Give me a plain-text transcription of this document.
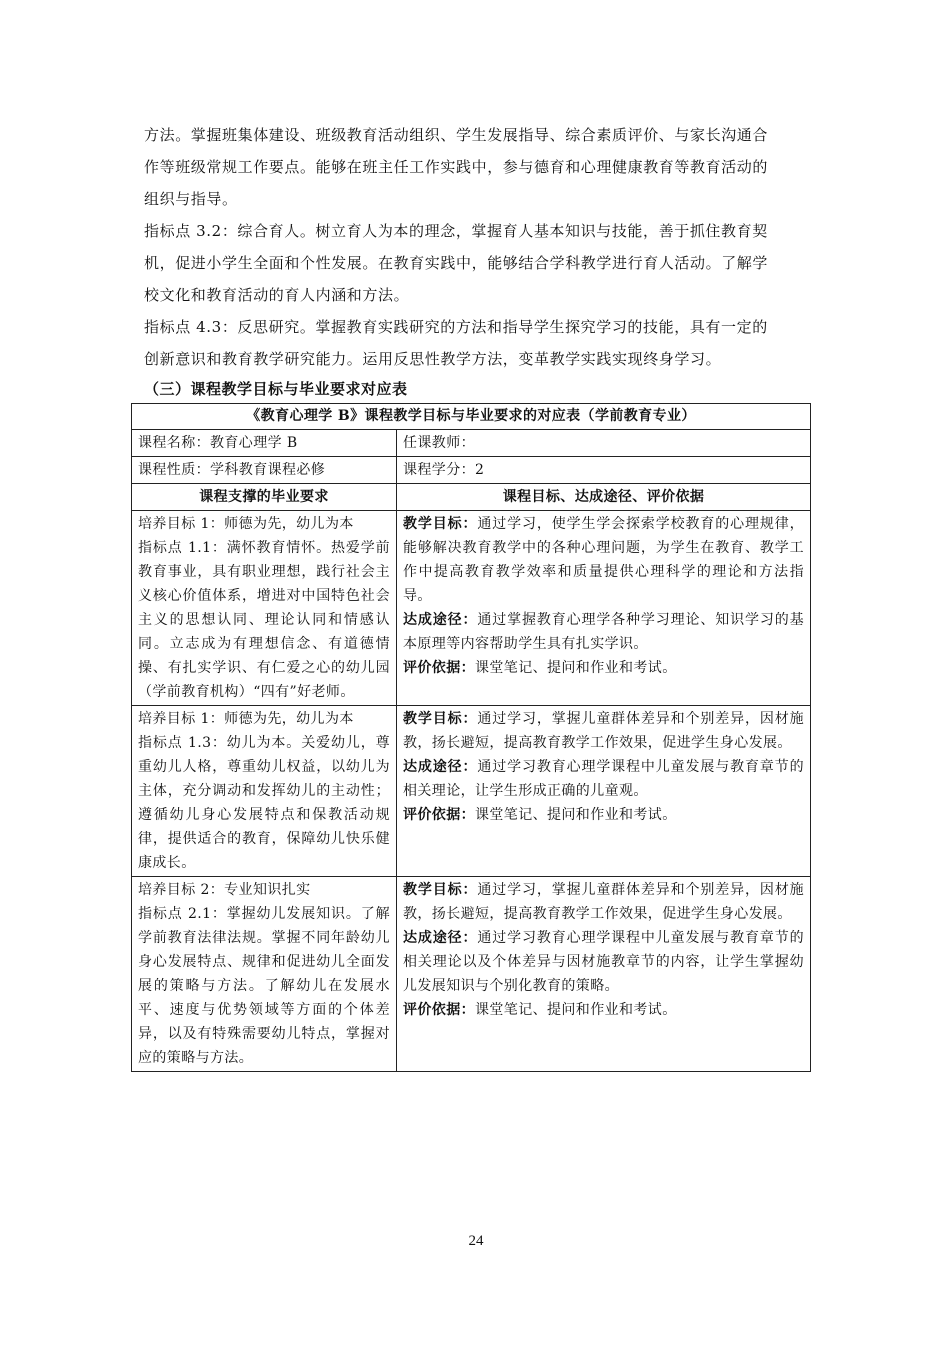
方法。掌握班集体建设、班级教育活动组织、学生发展指导、综合素质评价、与家长沟通合
作等班级常规工作要点。能够在班主任工作实践中，参与德育和心理健康教育等教育活动的
组织与指导。
指标点 3.2：综合育人。树立育人为本的理念，掌握育人基本知识与技能，善于抓住教育契
机，促进小学生全面和个性发展。在教育实践中，能够结合学科教学进行育人活动。了解学
校文化和教育活动的育人内涵和方法。
指标点 4.3：反思研究。掌握教育实践研究的方法和指导学生探究学习的技能，具有一定的
创新意识和教育教学研究能力。运用反思性教学方法，变革教学实践实现终身学习。
（三）课程教学目标与毕业要求对应表
《教育心理学 B》课程教学目标与毕业要求的对应表（学前教育专业）	
课程名称：教育心理学 B	任课教师：
课程性质：学科教育课程必修	课程学分：2
课程支撑的毕业要求	课程目标、达成途径、评价依据

培养目标 1：师德为先，幼儿为本
指标点 1.1：满怀教育情怀。热爱学前教育事业，具有职业理想，践行社会主义核心价值体系，增进对中国特色社会主义的思想认同、理论认同和情感认同。立志成为有理想信念、有道德情操、有扎实学识、有仁爱之心的幼儿园（学前教育机构）“四有”好老师。	教学目标：通过学习，使学生学会探索学校教育的心理规律，能够解决教育教学中的各种心理问题，为学生在教育、教学工作中提高教育教学效率和质量提供心理科学的理论和方法指导。
达成途径：通过掌握教育心理学各种学习理论、知识学习的基本原理等内容帮助学生具有扎实学识。
评价依据：课堂笔记、提问和作业和考试。

培养目标 1：师德为先，幼儿为本
指标点 1.3：幼儿为本。关爱幼儿，尊重幼儿人格，尊重幼儿权益，以幼儿为主体，充分调动和发挥幼儿的主动性；遵循幼儿身心发展特点和保教活动规律，提供适合的教育，保障幼儿快乐健康成长。	教学目标：通过学习，掌握儿童群体差异和个别差异，因材施教，扬长避短，提高教育教学工作效果，促进学生身心发展。
达成途径：通过学习教育心理学课程中儿童发展与教育章节的相关理论，让学生形成正确的儿童观。
评价依据：课堂笔记、提问和作业和考试。

培养目标 2：专业知识扎实
指标点 2.1：掌握幼儿发展知识。了解学前教育法律法规。掌握不同年龄幼儿身心发展特点、规律和促进幼儿全面发展的策略与方法。了解幼儿在发展水平、速度与优势领域等方面的个体差异，以及有特殊需要幼儿特点，掌握对应的策略与方法。	教学目标：通过学习，掌握儿童群体差异和个别差异，因材施教，扬长避短，提高教育教学工作效果，促进学生身心发展。
达成途径：通过学习教育心理学课程中儿童发展与教育章节的相关理论以及个体差异与因材施教章节的内容，让学生掌握幼儿发展知识与个别化教育的策略。
评价依据：课堂笔记、提问和作业和考试。
24
